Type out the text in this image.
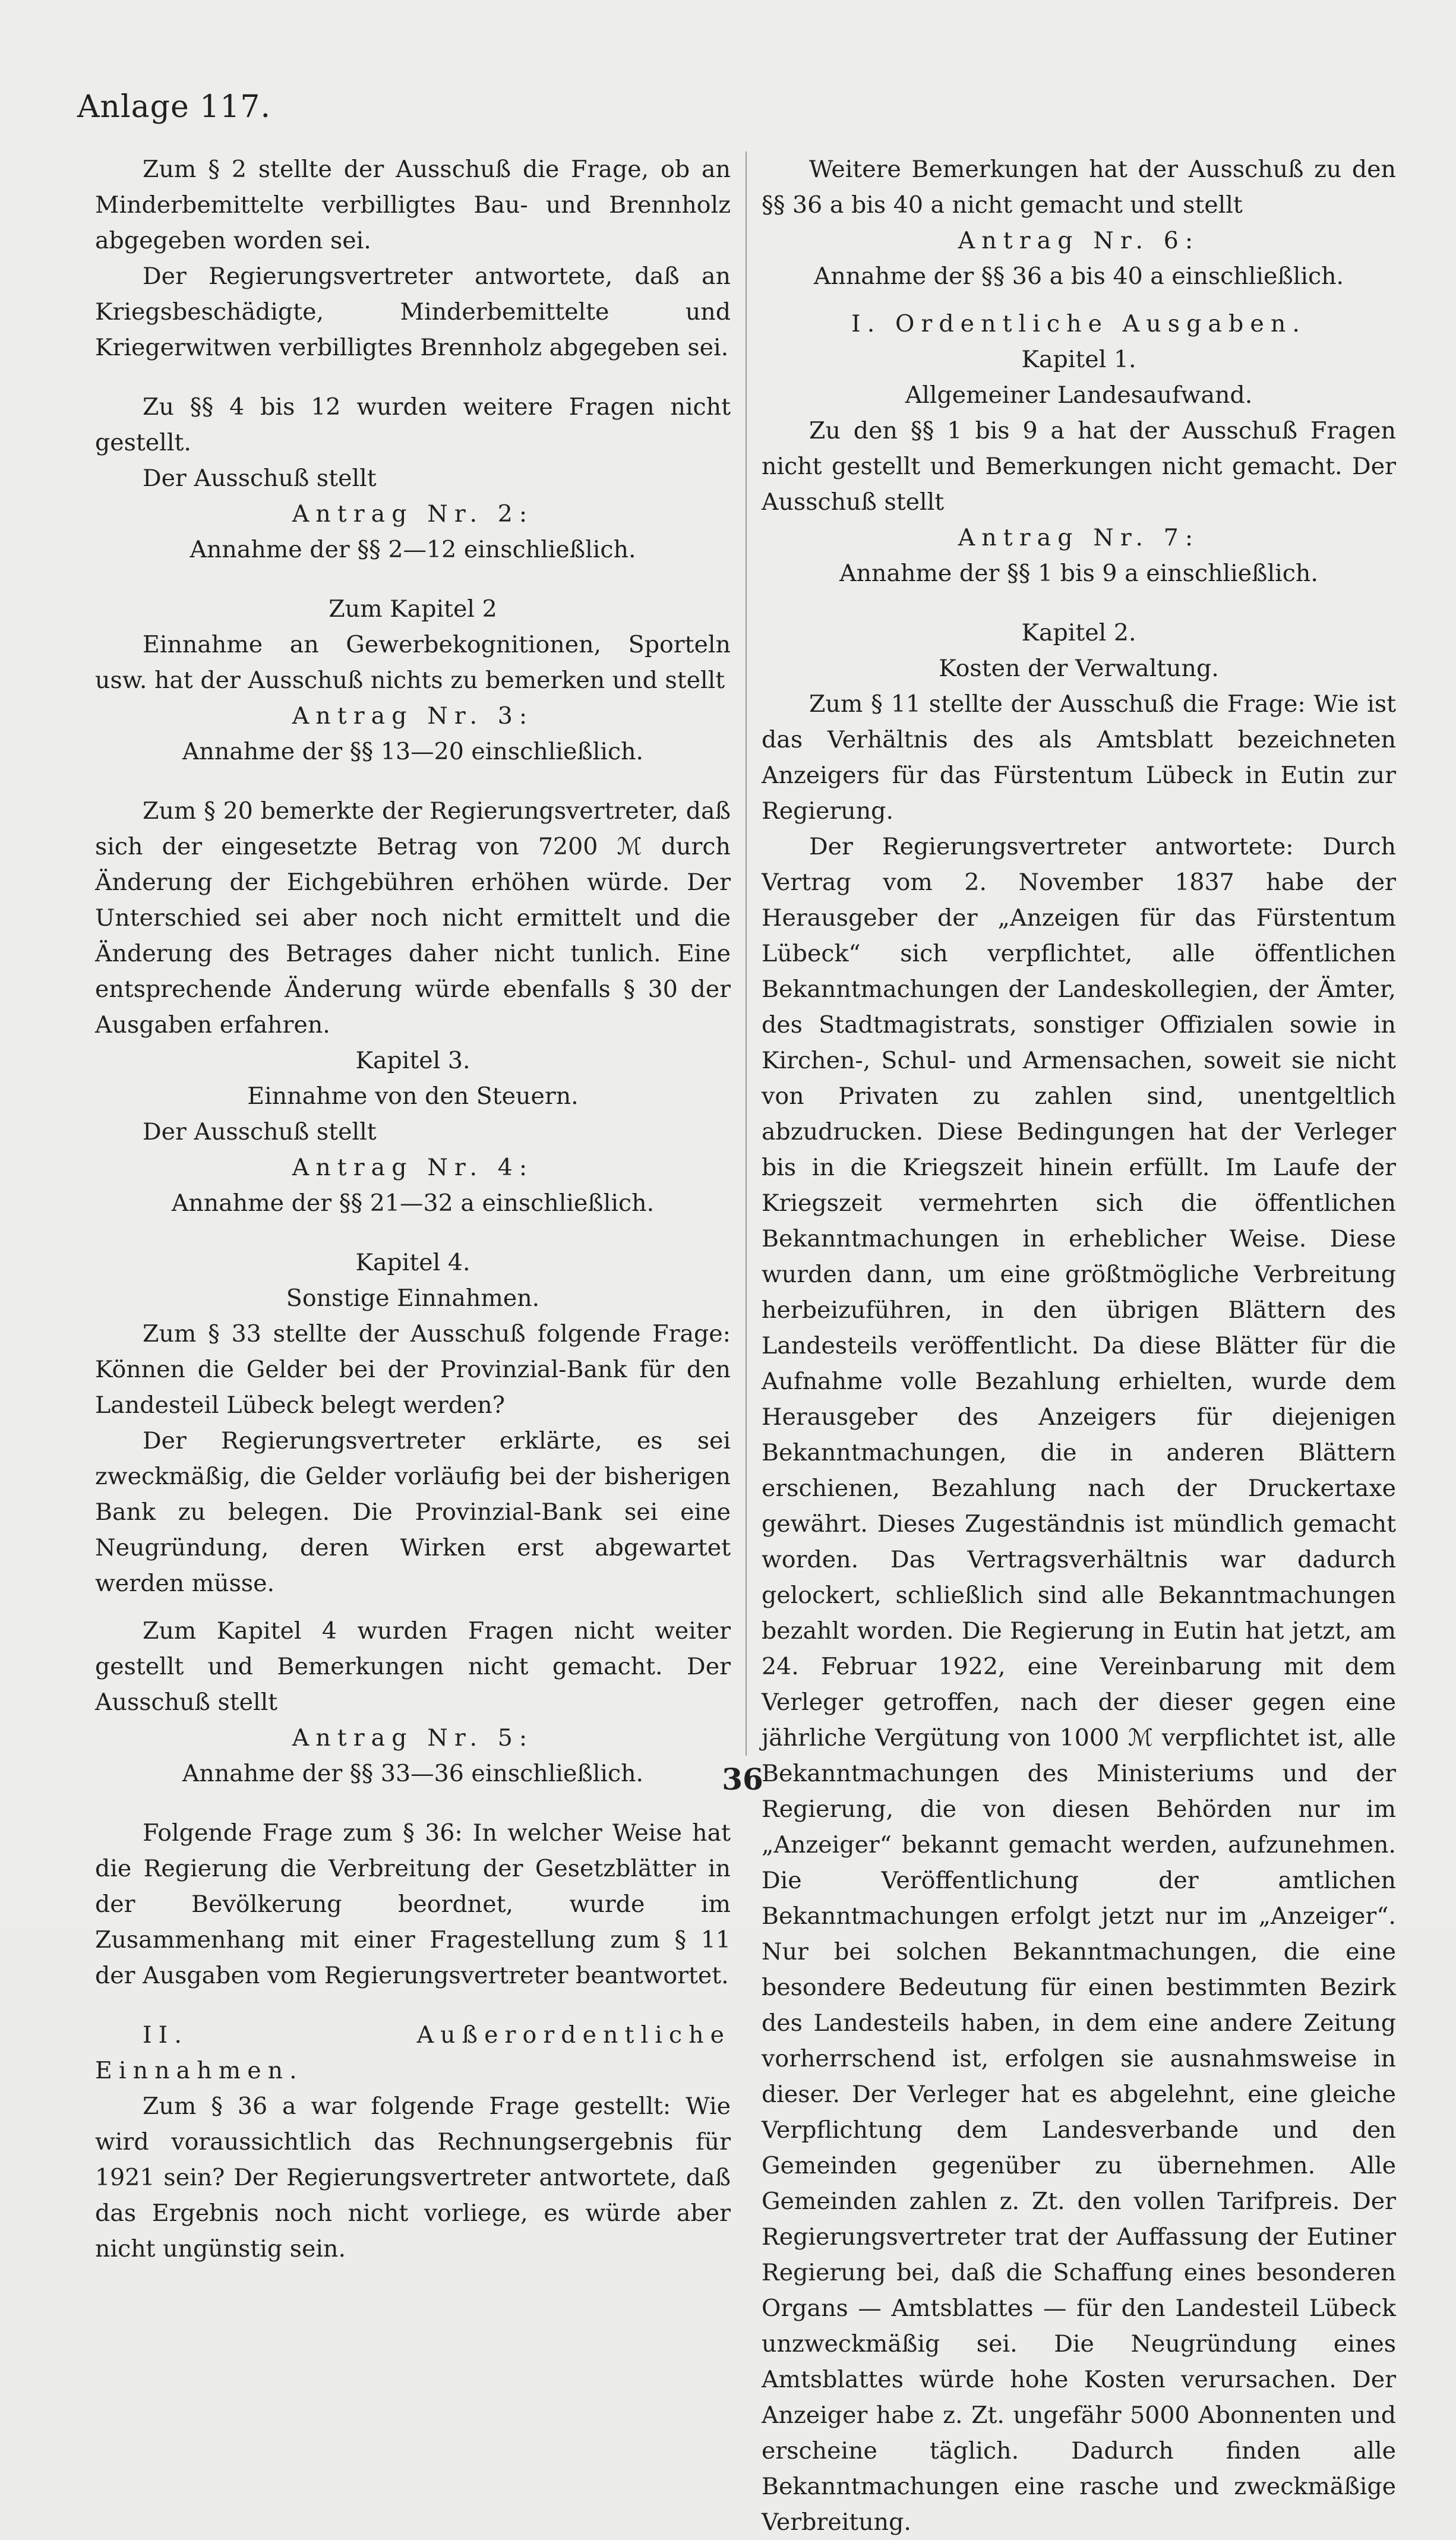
Anlage 117.

Zum § 2 stellte der Ausschuß die Frage, ob an Minderbemittelte verbilligtes Bau- und Brennholz abgegeben worden sei.

Der Regierungsvertreter antwortete, daß an Kriegsbeschädigte, Minderbemittelte und Kriegerwitwen verbilligtes Brennholz abgegeben sei.

Zu §§ 4 bis 12 wurden weitere Fragen nicht gestellt.

Der Ausschuß stellt

Antrag Nr. 2:

Annahme der §§ 2—12 einschließlich.

Zum Kapitel 2

Einnahme an Gewerbekognitionen, Sporteln usw. hat der Ausschuß nichts zu bemerken und stellt

Antrag Nr. 3:

Annahme der §§ 13—20 einschließlich.

Zum § 20 bemerkte der Regierungsvertreter, daß sich der eingesetzte Betrag von 7200 ℳ durch Änderung der Eichgebühren erhöhen würde. Der Unterschied sei aber noch nicht ermittelt und die Änderung des Betrages daher nicht tunlich. Eine entsprechende Änderung würde ebenfalls § 30 der Ausgaben erfahren.

Kapitel 3.

Einnahme von den Steuern.

Der Ausschuß stellt

Antrag Nr. 4:

Annahme der §§ 21—32 a einschließlich.

Kapitel 4.

Sonstige Einnahmen.

Zum § 33 stellte der Ausschuß folgende Frage: Können die Gelder bei der Provinzial-Bank für den Landesteil Lübeck belegt werden?

Der Regierungsvertreter erklärte, es sei zweckmäßig, die Gelder vorläufig bei der bisherigen Bank zu belegen. Die Provinzial-Bank sei eine Neugründung, deren Wirken erst abgewartet werden müsse.

Zum Kapitel 4 wurden Fragen nicht weiter gestellt und Bemerkungen nicht gemacht. Der Ausschuß stellt

Antrag Nr. 5:

Annahme der §§ 33—36 einschließlich.

Folgende Frage zum § 36: In welcher Weise hat die Regierung die Verbreitung der Gesetzblätter in der Bevölkerung beordnet, wurde im Zusammenhang mit einer Fragestellung zum § 11 der Ausgaben vom Regierungsvertreter beantwortet.

II. Außerordentliche Einnahmen.

Zum § 36 a war folgende Frage gestellt: Wie wird voraussichtlich das Rechnungsergebnis für 1921 sein? Der Regierungsvertreter antwortete, daß das Ergebnis noch nicht vorliege, es würde aber nicht ungünstig sein.

Weitere Bemerkungen hat der Ausschuß zu den §§ 36 a bis 40 a nicht gemacht und stellt

Antrag Nr. 6:

Annahme der §§ 36 a bis 40 a einschließlich.

I. Ordentliche Ausgaben.

Kapitel 1.

Allgemeiner Landesaufwand.

Zu den §§ 1 bis 9 a hat der Ausschuß Fragen nicht gestellt und Bemerkungen nicht gemacht. Der Ausschuß stellt

Antrag Nr. 7:

Annahme der §§ 1 bis 9 a einschließlich.

Kapitel 2.

Kosten der Verwaltung.

Zum § 11 stellte der Ausschuß die Frage: Wie ist das Verhältnis des als Amtsblatt bezeichneten Anzeigers für das Fürstentum Lübeck in Eutin zur Regierung.

Der Regierungsvertreter antwortete: Durch Vertrag vom 2. November 1837 habe der Herausgeber der „Anzeigen für das Fürstentum Lübeck“ sich verpflichtet, alle öffentlichen Bekanntmachungen der Landeskollegien, der Ämter, des Stadtmagistrats, sonstiger Offizialen sowie in Kirchen-, Schul- und Armensachen, soweit sie nicht von Privaten zu zahlen sind, unentgeltlich abzudrucken. Diese Bedingungen hat der Verleger bis in die Kriegszeit hinein erfüllt. Im Laufe der Kriegszeit vermehrten sich die öffentlichen Bekanntmachungen in erheblicher Weise. Diese wurden dann, um eine größtmögliche Verbreitung herbeizuführen, in den übrigen Blättern des Landesteils veröffentlicht. Da diese Blätter für die Aufnahme volle Bezahlung erhielten, wurde dem Herausgeber des Anzeigers für diejenigen Bekanntmachungen, die in anderen Blättern erschienen, Bezahlung nach der Druckertaxe gewährt. Dieses Zugeständnis ist mündlich gemacht worden. Das Vertragsverhältnis war dadurch gelockert, schließlich sind alle Bekanntmachungen bezahlt worden. Die Regierung in Eutin hat jetzt, am 24. Februar 1922, eine Vereinbarung mit dem Verleger getroffen, nach der dieser gegen eine jährliche Vergütung von 1000 ℳ verpflichtet ist, alle Bekanntmachungen des Ministeriums und der Regierung, die von diesen Behörden nur im „Anzeiger“ bekannt gemacht werden, aufzunehmen. Die Veröffentlichung der amtlichen Bekanntmachungen erfolgt jetzt nur im „Anzeiger“. Nur bei solchen Bekanntmachungen, die eine besondere Bedeutung für einen bestimmten Bezirk des Landesteils haben, in dem eine andere Zeitung vorherrschend ist, erfolgen sie ausnahmsweise in dieser. Der Verleger hat es abgelehnt, eine gleiche Verpflichtung dem Landesverbande und den Gemeinden gegenüber zu übernehmen. Alle Gemeinden zahlen z. Zt. den vollen Tarifpreis. Der Regierungsvertreter trat der Auffassung der Eutiner Regierung bei, daß die Schaffung eines besonderen Organs — Amtsblattes — für den Landesteil Lübeck unzweckmäßig sei. Die Neugründung eines Amtsblattes würde hohe Kosten verursachen. Der Anzeiger habe z. Zt. ungefähr 5000 Abonnenten und erscheine täglich. Dadurch finden alle Bekanntmachungen eine rasche und zweckmäßige Verbreitung.

36
